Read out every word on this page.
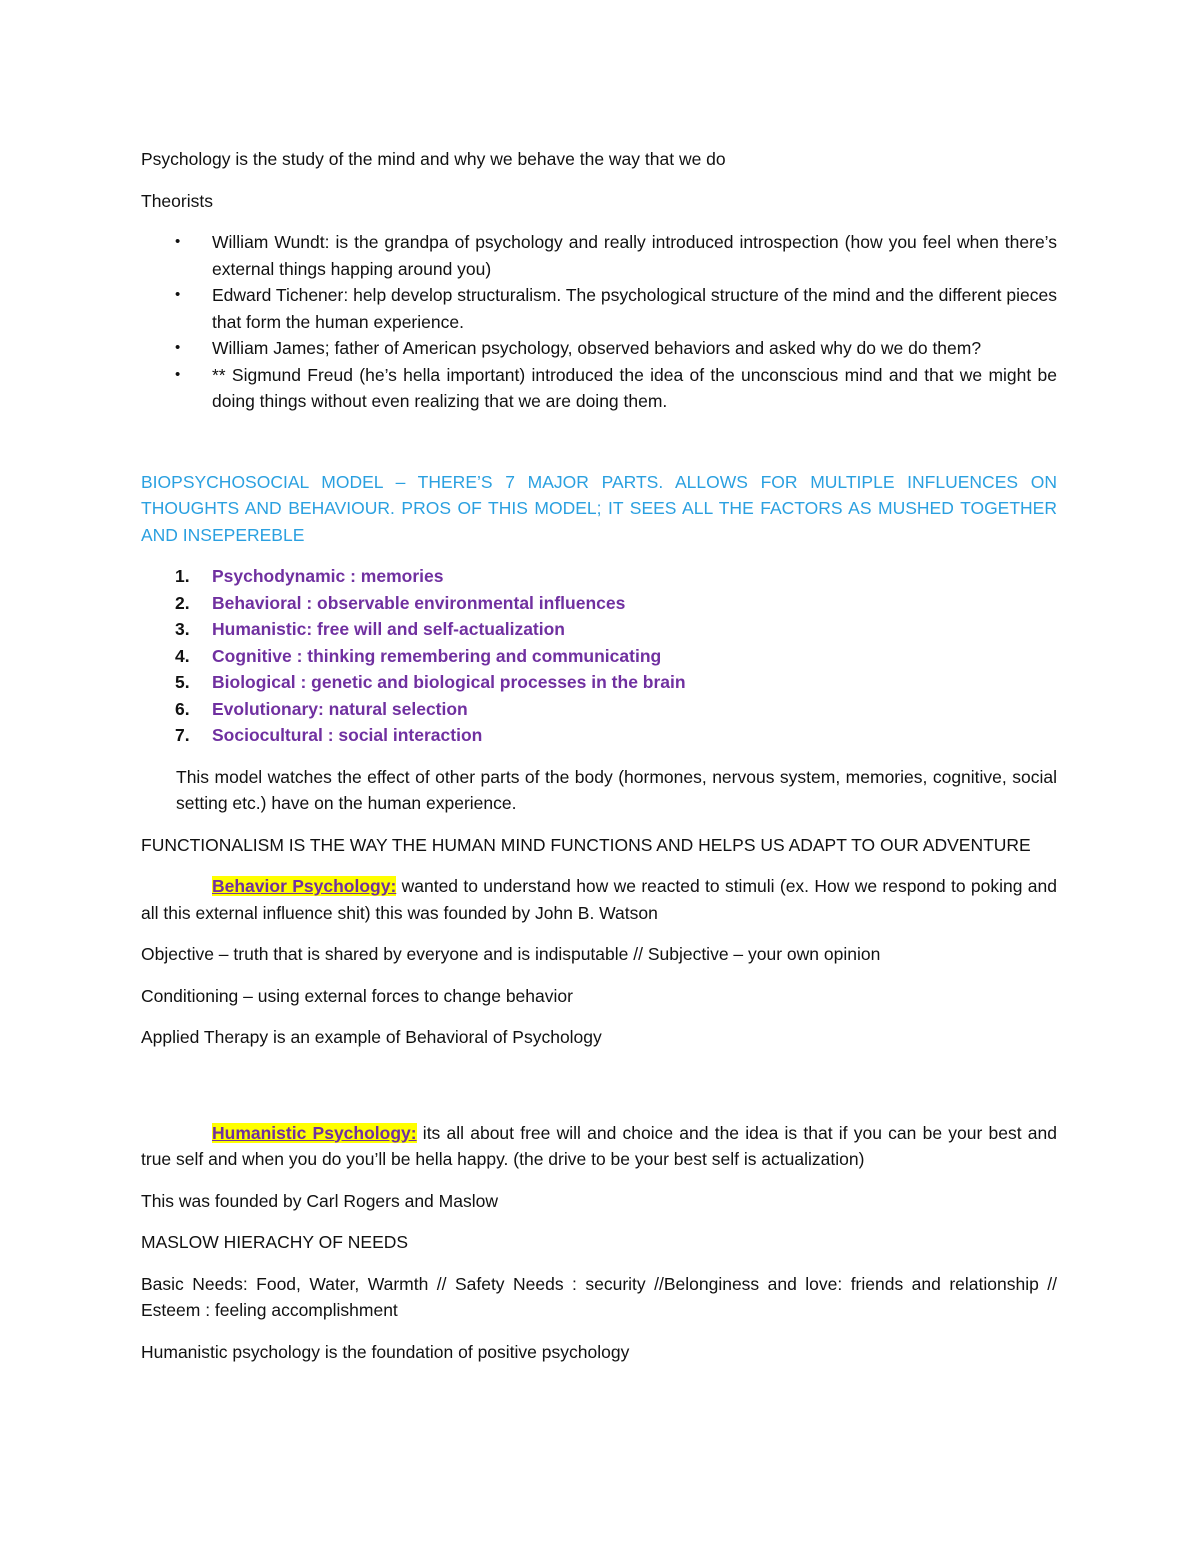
Psychology is the study of the mind and why we behave the way that we do

Theorists

• William Wundt: is the grandpa of psychology and really introduced introspection (how you feel when there’s external things happing around you)
• Edward Tichener: help develop structuralism. The psychological structure of the mind and the different pieces that form the human experience.
• William James; father of American psychology, observed behaviors and asked why do we do them?
• ** Sigmund Freud (he’s hella important) introduced the idea of the unconscious mind and that we might be doing things without even realizing that we are doing them.

BIOPSYCHOSOCIAL MODEL – THERE’S 7 MAJOR PARTS. ALLOWS FOR MULTIPLE INFLUENCES ON THOUGHTS AND BEHAVIOUR. PROS OF THIS MODEL; IT SEES ALL THE FACTORS AS MUSHED TOGETHER AND INSEPEREBLE

1. Psychodynamic : memories
2. Behavioral : observable environmental influences
3. Humanistic: free will and self-actualization
4. Cognitive : thinking remembering and communicating
5. Biological : genetic and biological processes in the brain
6. Evolutionary: natural selection
7. Sociocultural : social interaction

This model watches the effect of other parts of the body (hormones, nervous system, memories, cognitive, social setting etc.) have on the human experience.

FUNCTIONALISM IS THE WAY THE HUMAN MIND FUNCTIONS AND HELPS US ADAPT TO OUR ADVENTURE

Behavior Psychology: wanted to understand how we reacted to stimuli (ex. How we respond to poking and all this external influence shit) this was founded by John B. Watson

Objective – truth that is shared by everyone and is indisputable // Subjective – your own opinion

Conditioning – using external forces to change behavior

Applied Therapy is an example of Behavioral of Psychology

Humanistic Psychology: its all about free will and choice and the idea is that if you can be your best and true self and when you do you’ll be hella happy. (the drive to be your best self is actualization)

This was founded by Carl Rogers and Maslow

MASLOW HIERACHY OF NEEDS

Basic Needs: Food, Water, Warmth // Safety Needs : security //Belonginess and love: friends and relationship // Esteem : feeling accomplishment

Humanistic psychology is the foundation of positive psychology
